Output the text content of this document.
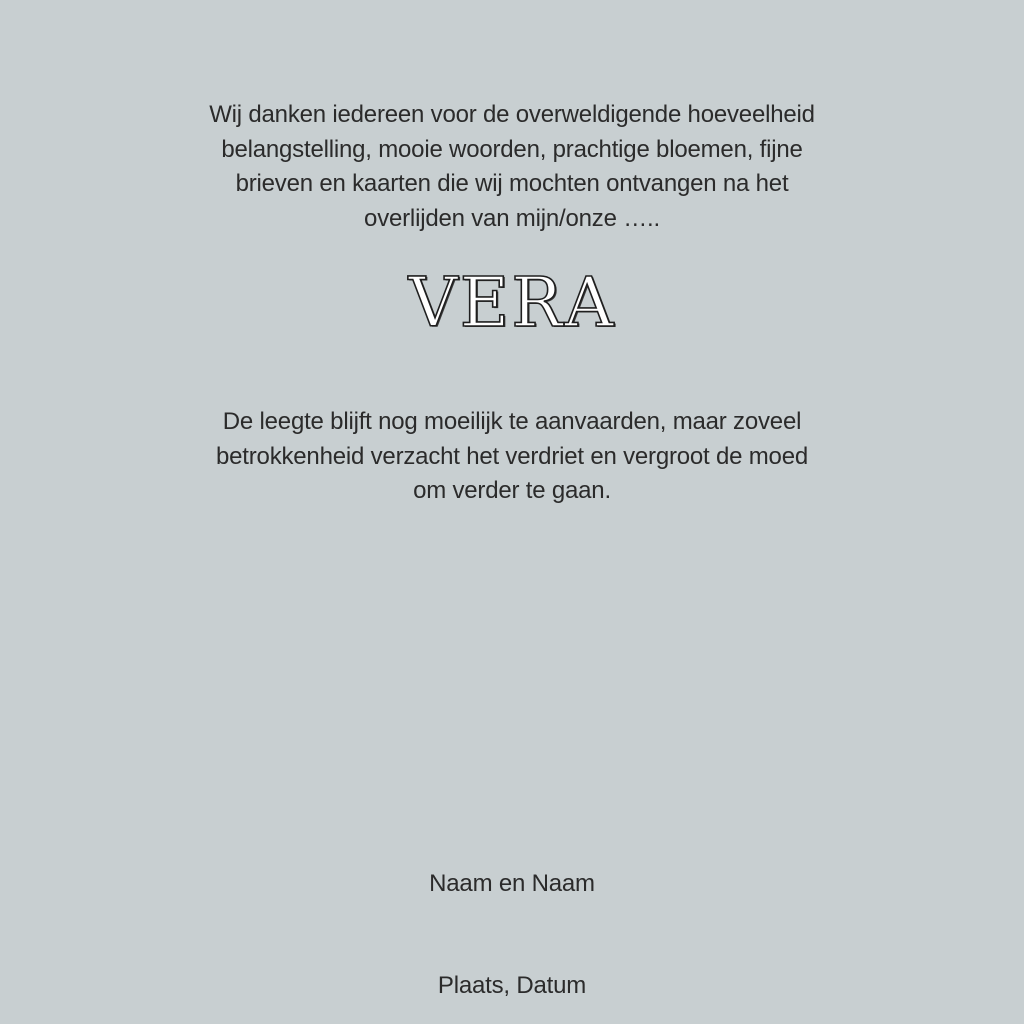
Wij danken iedereen voor de overweldigende hoeveelheid
belangstelling, mooie woorden, prachtige bloemen, fijne
brieven en kaarten die wij mochten ontvangen na het
overlijden van mijn/onze …..
VERA
De leegte blijft nog moeilijk te aanvaarden, maar zoveel
betrokkenheid verzacht het verdriet en vergroot de moed
om verder te gaan.
Naam en Naam
Plaats, Datum
